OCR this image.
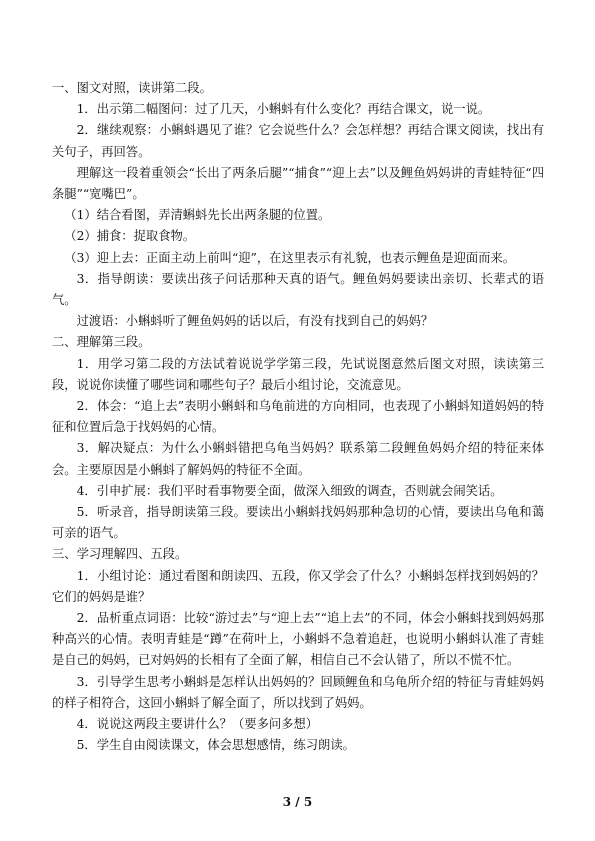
一、图文对照，读讲第二段。

1．出示第二幅图问：过了几天，小蝌蚪有什么变化？再结合课文，说一说。

2．继续观察：小蝌蚪遇见了谁？它会说些什么？会怎样想？再结合课文阅读，找出有关句子，再回答。

理解这一段着重领会“长出了两条后腿”“捕食”“迎上去”以及鲤鱼妈妈讲的青蛙特征“四条腿”“宽嘴巴”。

（1）结合看图，弄清蝌蚪先长出两条腿的位置。

（2）捕食：捉取食物。

（3）迎上去：正面主动上前叫“迎”，在这里表示有礼貌，也表示鲤鱼是迎面而来。

3．指导朗读：要读出孩子问话那种天真的语气。鲤鱼妈妈要读出亲切、长辈式的语气。

过渡语：小蝌蚪听了鲤鱼妈妈的话以后，有没有找到自己的妈妈？

二、理解第三段。

1．用学习第二段的方法试着说说学学第三段，先试说图意然后图文对照，读读第三段，说说你读懂了哪些词和哪些句子？最后小组讨论，交流意见。

2．体会：“追上去”表明小蝌蚪和乌龟前进的方向相同，也表现了小蝌蚪知道妈妈的特征和位置后急于找妈妈的心情。

3．解决疑点：为什么小蝌蚪错把乌龟当妈妈？联系第二段鲤鱼妈妈介绍的特征来体会。主要原因是小蝌蚪了解妈妈的特征不全面。

4．引申扩展：我们平时看事物要全面，做深入细致的调查，否则就会闹笑话。

5．听录音，指导朗读第三段。要读出小蝌蚪找妈妈那种急切的心情，要读出乌龟和蔼可亲的语气。

三、学习理解四、五段。

1．小组讨论：通过看图和朗读四、五段，你又学会了什么？小蝌蚪怎样找到妈妈的？它们的妈妈是谁？

2．品析重点词语：比较“游过去”与“迎上去”“追上去”的不同，体会小蝌蚪找到妈妈那种高兴的心情。表明青蛙是“蹲”在荷叶上，小蝌蚪不急着追赶，也说明小蝌蚪认准了青蛙是自己的妈妈，已对妈妈的长相有了全面了解，相信自己不会认错了，所以不慌不忙。

3．引导学生思考小蝌蚪是怎样认出妈妈的？回顾鲤鱼和乌龟所介绍的特征与青蛙妈妈的样子相符合，这回小蝌蚪了解全面了，所以找到了妈妈。

4．说说这两段主要讲什么？（要多问多想）

5．学生自由阅读课文，体会思想感情，练习朗读。

3 / 5
